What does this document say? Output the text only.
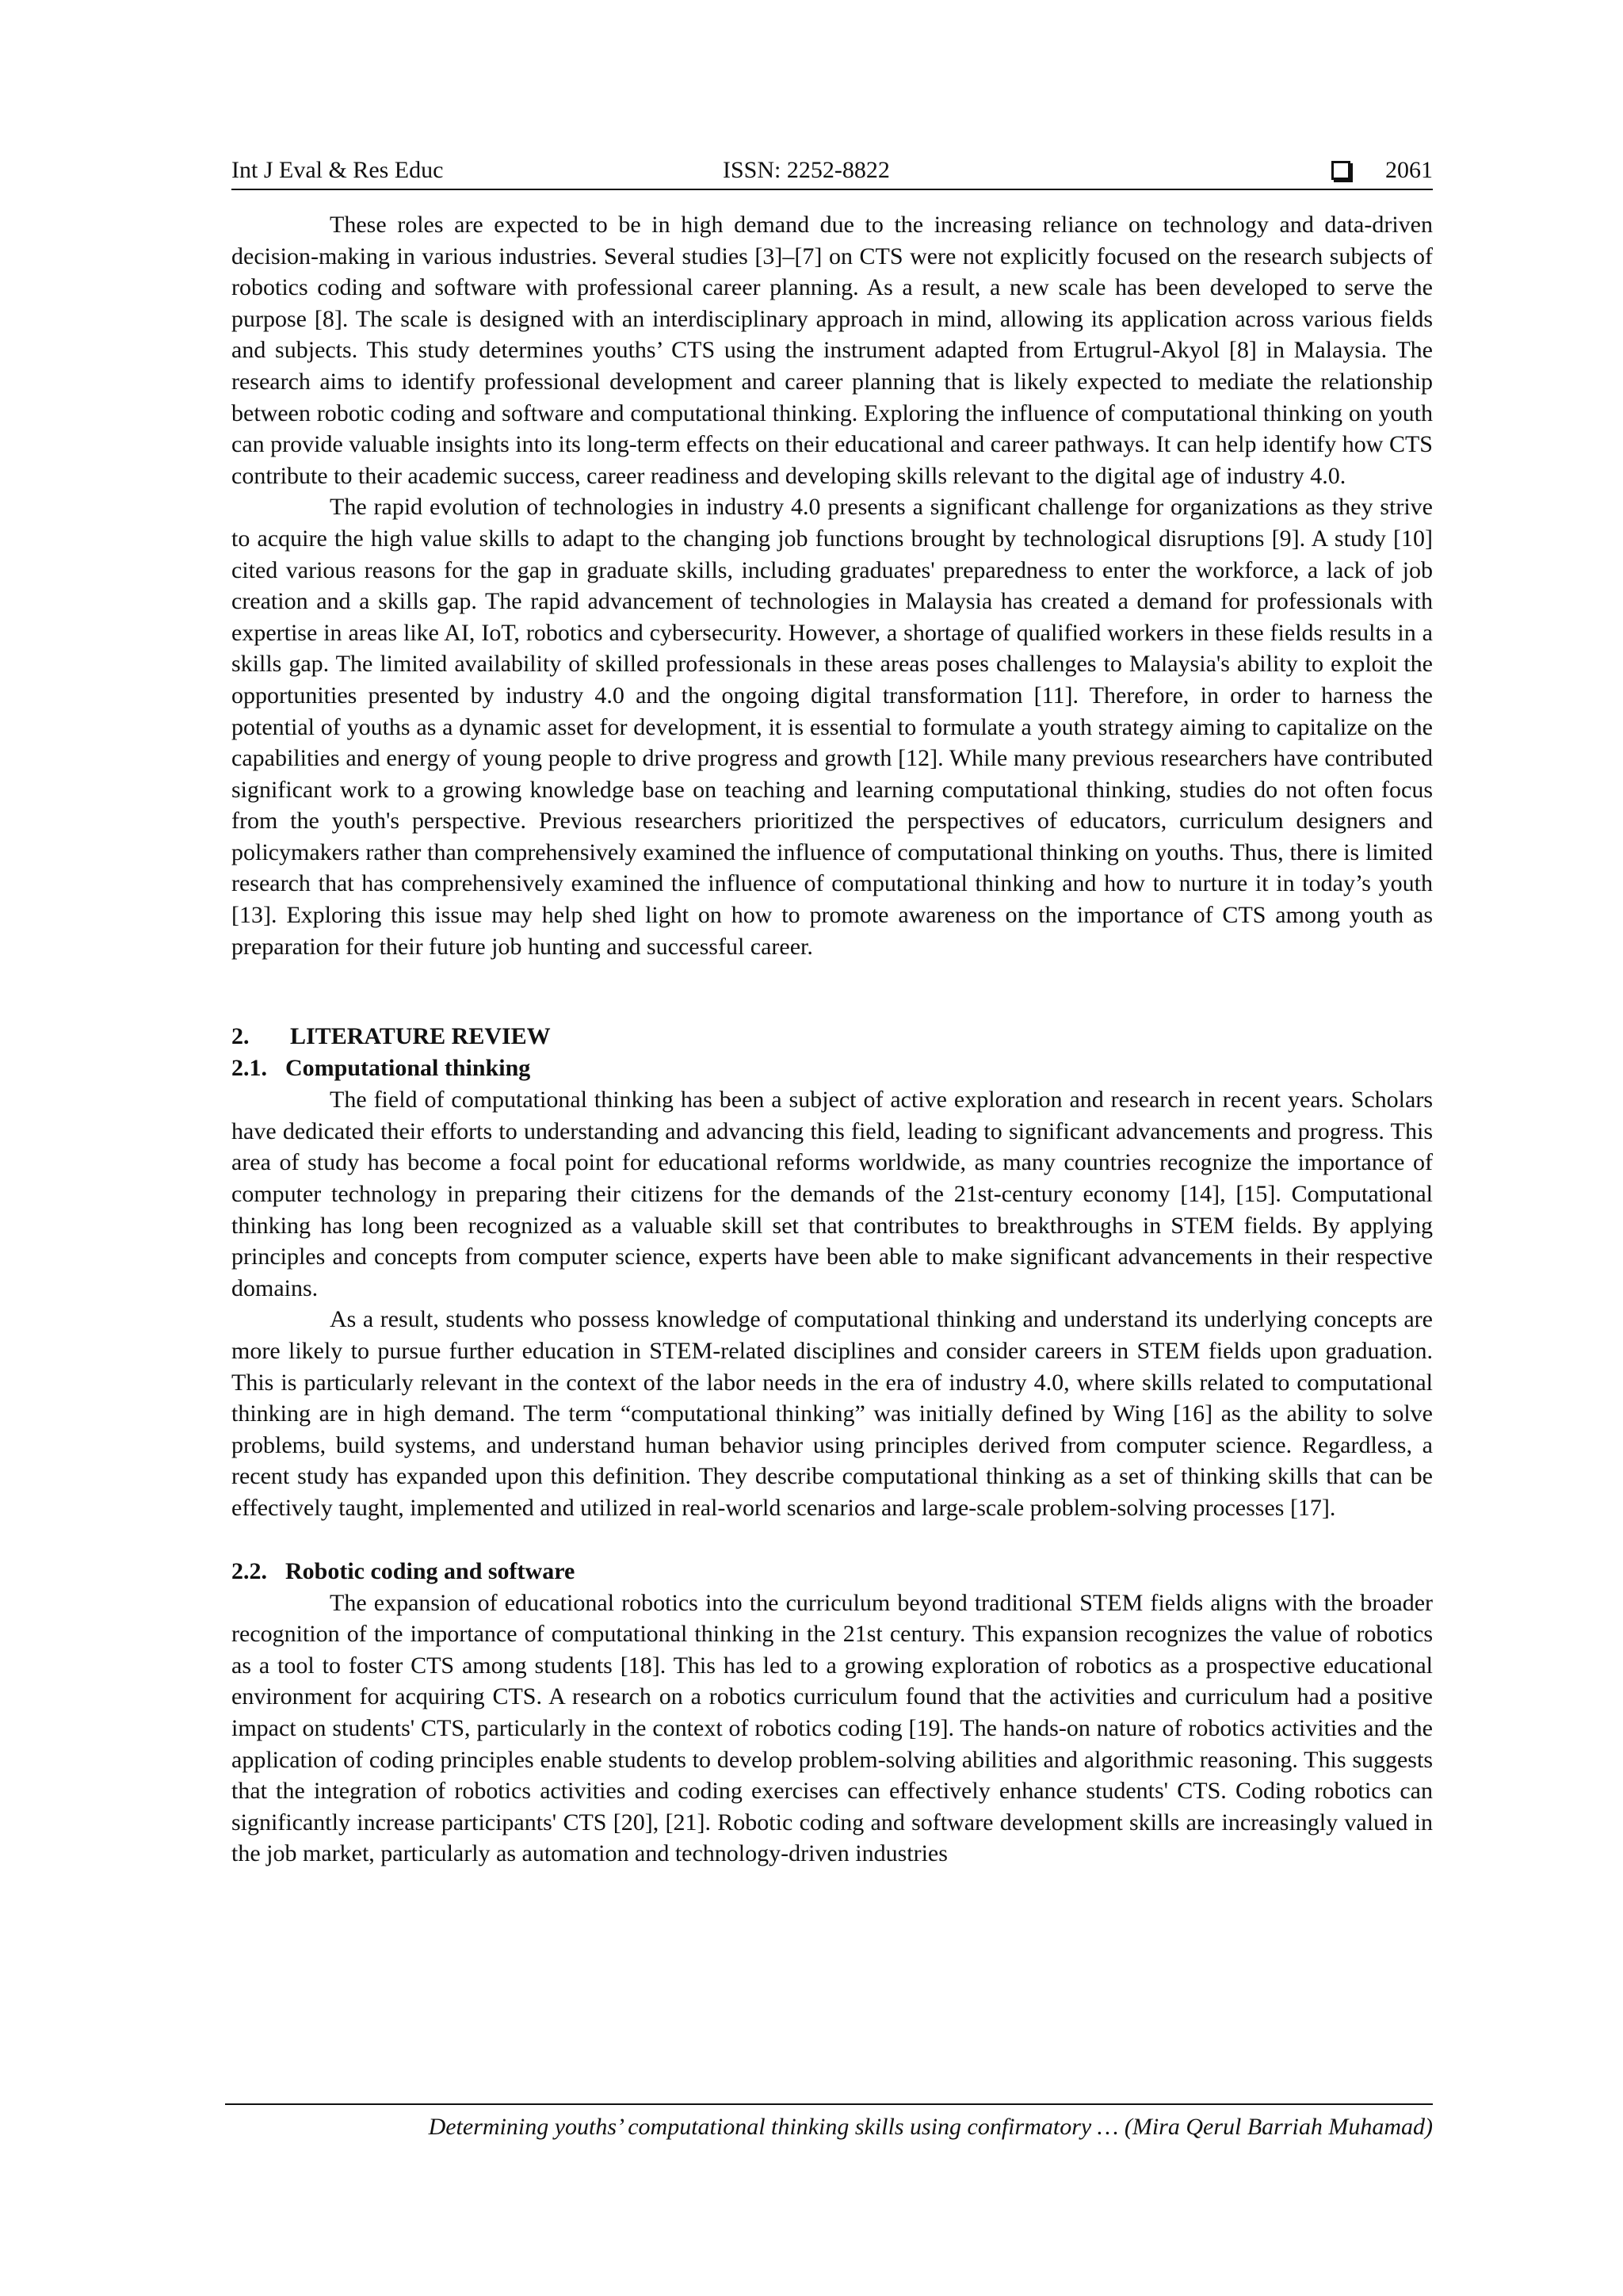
Int J Eval & Res Educ	ISSN: 2252-8822	2061

These roles are expected to be in high demand due to the increasing reliance on technology and data-driven decision-making in various industries. Several studies [3]–[7] on CTS were not explicitly focused on the research subjects of robotics coding and software with professional career planning. As a result, a new scale has been developed to serve the purpose [8]. The scale is designed with an interdisciplinary approach in mind, allowing its application across various fields and subjects. This study determines youths’ CTS using the instrument adapted from Ertugrul-Akyol [8] in Malaysia. The research aims to identify professional development and career planning that is likely expected to mediate the relationship between robotic coding and software and computational thinking. Exploring the influence of computational thinking on youth can provide valuable insights into its long-term effects on their educational and career pathways. It can help identify how CTS contribute to their academic success, career readiness and developing skills relevant to the digital age of industry 4.0.

The rapid evolution of technologies in industry 4.0 presents a significant challenge for organizations as they strive to acquire the high value skills to adapt to the changing job functions brought by technological disruptions [9]. A study [10] cited various reasons for the gap in graduate skills, including graduates' preparedness to enter the workforce, a lack of job creation and a skills gap. The rapid advancement of technologies in Malaysia has created a demand for professionals with expertise in areas like AI, IoT, robotics and cybersecurity. However, a shortage of qualified workers in these fields results in a skills gap. The limited availability of skilled professionals in these areas poses challenges to Malaysia's ability to exploit the opportunities presented by industry 4.0 and the ongoing digital transformation [11]. Therefore, in order to harness the potential of youths as a dynamic asset for development, it is essential to formulate a youth strategy aiming to capitalize on the capabilities and energy of young people to drive progress and growth [12]. While many previous researchers have contributed significant work to a growing knowledge base on teaching and learning computational thinking, studies do not often focus from the youth's perspective. Previous researchers prioritized the perspectives of educators, curriculum designers and policymakers rather than comprehensively examined the influence of computational thinking on youths. Thus, there is limited research that has comprehensively examined the influence of computational thinking and how to nurture it in today’s youth [13]. Exploring this issue may help shed light on how to promote awareness on the importance of CTS among youth as preparation for their future job hunting and successful career.

2. LITERATURE REVIEW
2.1. Computational thinking

The field of computational thinking has been a subject of active exploration and research in recent years. Scholars have dedicated their efforts to understanding and advancing this field, leading to significant advancements and progress. This area of study has become a focal point for educational reforms worldwide, as many countries recognize the importance of computer technology in preparing their citizens for the demands of the 21st-century economy [14], [15]. Computational thinking has long been recognized as a valuable skill set that contributes to breakthroughs in STEM fields. By applying principles and concepts from computer science, experts have been able to make significant advancements in their respective domains.

As a result, students who possess knowledge of computational thinking and understand its underlying concepts are more likely to pursue further education in STEM-related disciplines and consider careers in STEM fields upon graduation. This is particularly relevant in the context of the labor needs in the era of industry 4.0, where skills related to computational thinking are in high demand. The term “computational thinking” was initially defined by Wing [16] as the ability to solve problems, build systems, and understand human behavior using principles derived from computer science. Regardless, a recent study has expanded upon this definition. They describe computational thinking as a set of thinking skills that can be effectively taught, implemented and utilized in real-world scenarios and large-scale problem-solving processes [17].

2.2. Robotic coding and software

The expansion of educational robotics into the curriculum beyond traditional STEM fields aligns with the broader recognition of the importance of computational thinking in the 21st century. This expansion recognizes the value of robotics as a tool to foster CTS among students [18]. This has led to a growing exploration of robotics as a prospective educational environment for acquiring CTS. A research on a robotics curriculum found that the activities and curriculum had a positive impact on students' CTS, particularly in the context of robotics coding [19]. The hands-on nature of robotics activities and the application of coding principles enable students to develop problem-solving abilities and algorithmic reasoning. This suggests that the integration of robotics activities and coding exercises can effectively enhance students' CTS. Coding robotics can significantly increase participants' CTS [20], [21]. Robotic coding and software development skills are increasingly valued in the job market, particularly as automation and technology-driven industries

Determining youths’ computational thinking skills using confirmatory … (Mira Qerul Barriah Muhamad)
